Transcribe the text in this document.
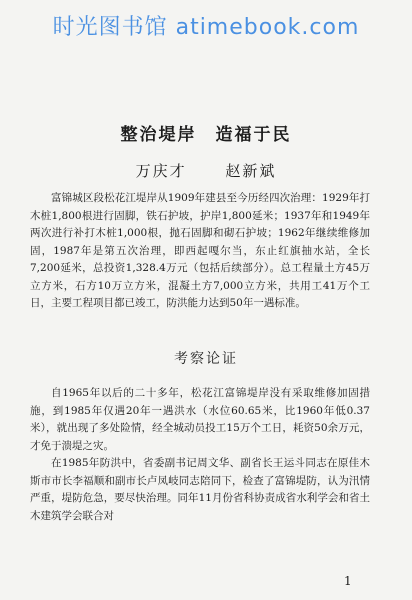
时光图书馆 atimebook.com
整治堤岸　造福于民
万庆才	赵新斌

富锦城区段松花江堤岸从1909年建县至今历经四次治理：1929年打木桩1,800根进行固脚，铁石护坡，护岸1,800延米；1937年和1949年两次进行补打木桩1,000根，抛石固脚和砌石护坡；1962年继续维修加固，1987年是第五次治理，即西起嘎尔当，东止红旗抽水站，全长7,200延米，总投资1,328.4万元（包括后续部分）。总工程量土方45万立方米，石方10万立方米，混凝土方7,000立方米，共用工41万个工日，主要工程项目都已竣工，防洪能力达到50年一遇标准。

考察论证

自1965年以后的二十多年，松花江富锦堤岸没有采取维修加固措施，到1985年仅遇20年一遇洪水（水位60.65米，比1960年低0.37米），就出现了多处险情，经全城动员投工15万个工日，耗资50余万元，才免于溃堤之灾。

在1985年防洪中，省委副书记周文华、副省长王运斗同志在原佳木斯市市长李福顺和副市长卢凤岐同志陪同下，检查了富锦堤防，认为汛情严重，堤防危急，要尽快治理。同年11月份省科协责成省水利学会和省土木建筑学会联合对

1
